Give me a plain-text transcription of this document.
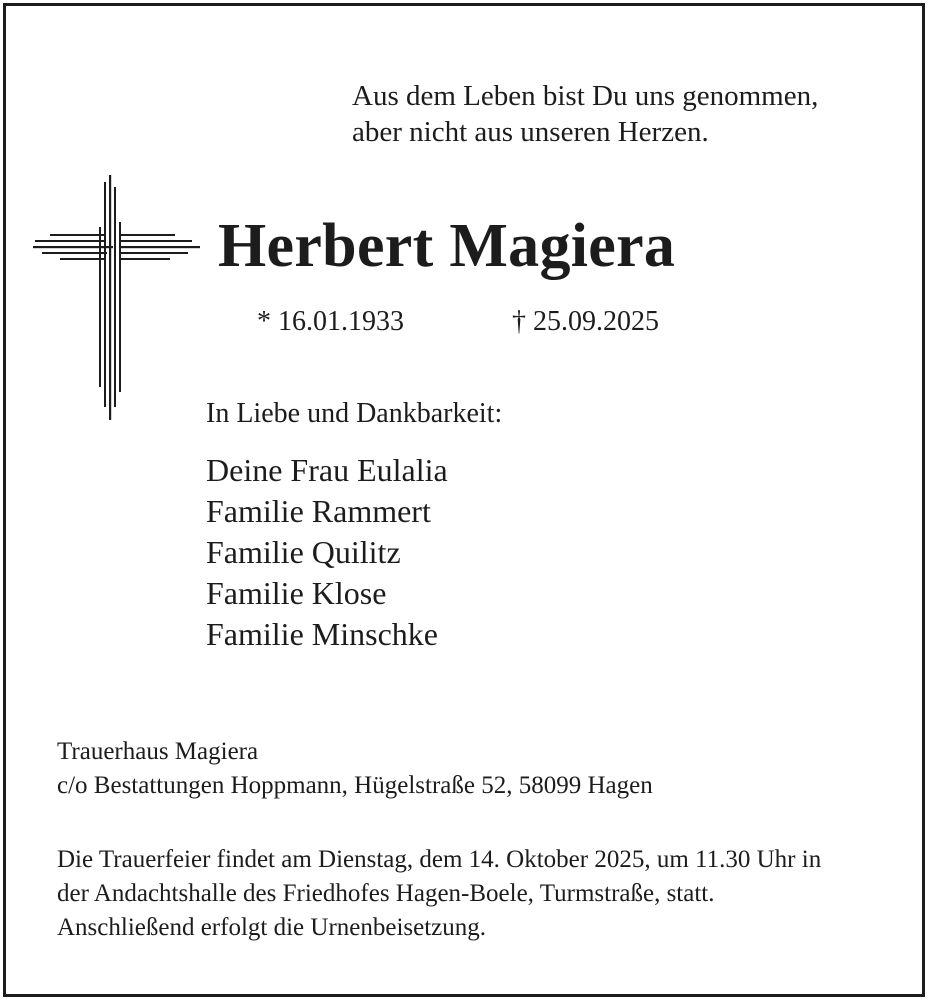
Aus dem Leben bist Du uns genommen,
aber nicht aus unseren Herzen.
Herbert Magiera
* 16.01.1933	† 25.09.2025
In Liebe und Dankbarkeit:
Deine Frau Eulalia
Familie Rammert
Familie Quilitz
Familie Klose
Familie Minschke
Trauerhaus Magiera
c/o Bestattungen Hoppmann, Hügelstraße 52, 58099 Hagen
Die Trauerfeier findet am Dienstag, dem 14. Oktober 2025, um 11.30 Uhr in
der Andachtshalle des Friedhofes Hagen-Boele, Turmstraße, statt.
Anschließend erfolgt die Urnenbeisetzung.
